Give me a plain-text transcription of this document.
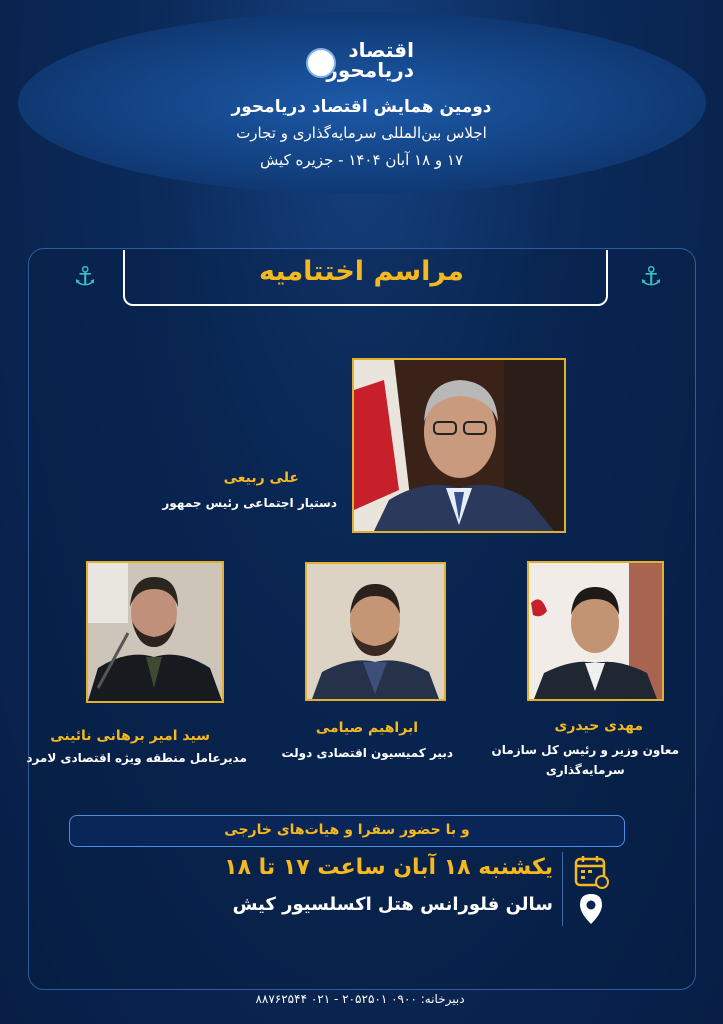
اقتصاد
دریامحور
دومین همایش اقتصاد دریامحور
اجلاس بین‌المللی سرمایه‌گذاری و تجارت
۱۷ و ۱۸ آبان ۱۴۰۴ - جزیره کیش
⚓	⚓
مراسم اختتامیه
علی ربیعی
دستیار اجتماعی رئیس جمهور
مهدی حیدری
معاون وزیر و رئیس کل سازمان
سرمایه‌گذاری
ابراهیم صیامی
دبیر کمیسیون اقتصادی دولت
سید امیر برهانی نائینی
مدیرعامل منطقه ویژه اقتصادی لامرد
و با حضور سفرا و هیات‌های خارجی
یکشنبه ۱۸ آبان ساعت ۱۷ تا ۱۸
سالن فلورانس هتل اکسلسیور کیش
دبیرخانه: ۰۹۰۰ ۲۰۵۲۵۰۱ - ۰۲۱ ۸۸۷۶۲۵۴۴
